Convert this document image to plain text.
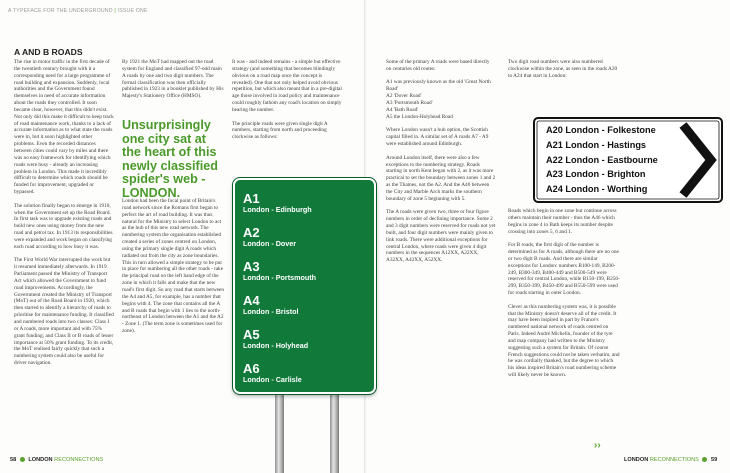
A TYPEFACE FOR THE UNDERGROUND | ISSUE ONE
A AND B ROADS

The rise in motor traffic in the first decade of the twentieth century brought with it a corresponding need for a large programme of road building and expansion. Suddenly, local authorities and the Government found themselves in need of accurate information about the roads they controlled. It soon became clear, however, that this didn't exist. Not only did this make it difficult to keep track of road maintenance work, thanks to a lack of accurate information as to what state the roads were in, but it soon highlighted other problems. Even the recorded distances between cities could vary by miles and there was no easy framework for identifying which roads were busy - already an increasing problem in London. This made it incredibly difficult to determine which roads should be funded for improvement, upgraded or bypassed.

The solution finally began to emerge in 1910, when the Government set up the Road Board. In first task was to upgrade existing roads and build new ones using money from the new road and petrol tax. In 1913 its responsibilities were expanded and work began on classifying each road according to how busy it was.

The First World War interrupted the work but it resumed immediately afterwards. In 1919 Parliament passed the Ministry of Transport Act which allowed the Government to fund road improvements. Accordingly, the Government created the Ministry of Transport (MoT) out of the Road Board in 1920, which then started to identify a hierarchy of roads to prioritise for maintenance funding. It classified and numbered roads into two classes: Class I or A roads, more important and with 75% grant funding; and Class II or B roads of lesser importance at 50% grant funding. To its credit, the MoT realised fairly quickly that such a numbering system could also be useful for driver navigation.

By 1921 the MoT had mapped out the road system for England and classified 97-odd main A roads by one and two digit numbers. The formal classification was then officially published in 1923 in a booklet published by His Majesty's Stationery Office (HMSO).

Unsurprisingly one city sat at the heart of this newly classified spider's web - LONDON.

London had been the focal point of Britain's road network since the Romans first began to perfect the art of road building. It was thus natural for the Ministry to select London to act as the hub of this new road network. The numbering system the organisation established created a series of zones centred on London, using the primary single digit A roads which radiated out from the city as zone boundaries. This in turn allowed a simple strategy to be put in place for numbering all the other roads - take the principal road on the left hand edge of the zone in which it falls and make that the new road's first digit. So any road that starts between the A4 and A5, for example, has a number that begins with 4. The zone that contains all the A and B roads that begin with 1 lies to the north-northeast of London between the A1 and the A2 - Zone 1. (The term zone is sometimes used for zone).

It was - and indeed remains - a simple but effective strategy (and something that becomes blindingly obvious on a road map once the concept is revealed). One that not only helped avoid obvious repetition, but which also meant that in a pre-digital age those involved in road policy and maintenance could roughly fathom any road's location on simply hearing the number.

The principle roads were given single digit A numbers, starting from north and proceeding clockwise as follows:

A1
London - Edinburgh
A2
London - Dover
A3
London - Portsmouth
A4
London - Bristol
A5
London - Holyhead
A6
London - Carlisle

Some of the primary A roads were based directly on centuries old routes:

A1 was previously known as the old 'Great North Road'
A2 'Dover Road'
A3 'Portsmouth Road'
A4 'Bath Road'
A5 the London-Holyhead Road

Where London wasn't a hub option, the Scottish capital filled in. A similar set of A roads A7 - A9 were established around Edinburgh.

Around London itself, there were also a few exceptions to the numbering strategy. Roads starting in north Kent began with 2, as it was more practical to set the boundary between zones 1 and 2 as the Thames, not the A2. And the A40 between the City and Marble Arch marks the southern boundary of zone 5 beginning with 5.

The A roads were given two, three or four figure numbers in order of declining importance. Some 2 and 3 digit numbers were reserved for roads not yet built, and four digit numbers were mainly given to link roads. There were additional exceptions for central London, where roads were given 4 digit numbers in the sequences A12XX, A22XX, A32XX, A42XX, A52XX.

Two digit road numbers were also numbered clockwise within the zone, as seen in the roads A20 to A24 that start in London:

A20 London - Folkestone
A21 London - Hastings
A22 London - Eastbourne
A23 London - Brighton
A24 London - Worthing

Roads which begin in one zone but continue across others maintain their number - thus the A46 which begins in zone 4 in Bath keeps its number despite crossing into zones 5, 6 and 1.

For B roads, the first digit of the number is determined as for A roads, although there are no one or two digit B roads. And there are similar exceptions for London: numbers B100-149, B200-249, B300-349, B400-449 and B500-549 were reserved for central London, while B150-199, B250-299, B350-399, B450-499 and B550-599 were used for roads starting in outer London.

Clever as this numbering system was, it is possible that the Ministry doesn't deserve all of the credit. It may have been inspired in part by France's numbered national network of roads centred on Paris. Indeed André Michelin, founder of the tyre and map company had written to the Ministry suggesting such a system for Britain. Of course French suggestions could not be taken verbatim, and he was cordially thanked, but the degree to which his ideas inspired Britain's road numbering scheme will likely never be known.

››
58 LONDON RECONNECTIONS	LONDON RECONNECTIONS 59
